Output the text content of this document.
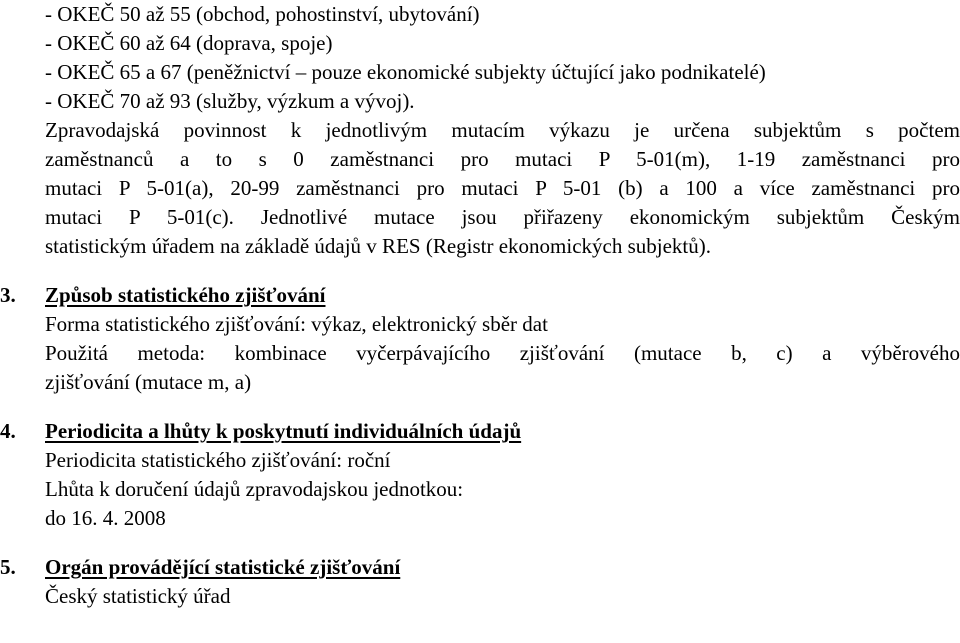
- OKEČ 50 až 55 (obchod, pohostinství, ubytování)
- OKEČ 60 až 64 (doprava, spoje)
- OKEČ 65 a 67 (peněžnictví – pouze ekonomické subjekty účtující jako podnikatelé)
- OKEČ 70 až 93 (služby, výzkum a vývoj).
Zpravodajská povinnost k jednotlivým mutacím výkazu je určena subjektům s počtem
zaměstnanců a to s 0 zaměstnanci pro mutaci P 5-01(m), 1-19 zaměstnanci pro
mutaci P 5-01(a), 20-99 zaměstnanci pro mutaci P 5-01 (b) a 100 a více zaměstnanci pro
mutaci P 5-01(c). Jednotlivé mutace jsou přiřazeny ekonomickým subjektům Českým
statistickým úřadem na základě údajů v RES (Registr ekonomických subjektů).
3. Způsob statistického zjišťování
Forma statistického zjišťování: výkaz, elektronický sběr dat
Použitá metoda: kombinace vyčerpávajícího zjišťování (mutace b, c) a výběrového
zjišťování (mutace m, a)
4. Periodicita a lhůty k poskytnutí individuálních údajů
Periodicita statistického zjišťování: roční
Lhůta k doručení údajů zpravodajskou jednotkou:
do 16. 4. 2008
5. Orgán provádějící statistické zjišťování
Český statistický úřad
